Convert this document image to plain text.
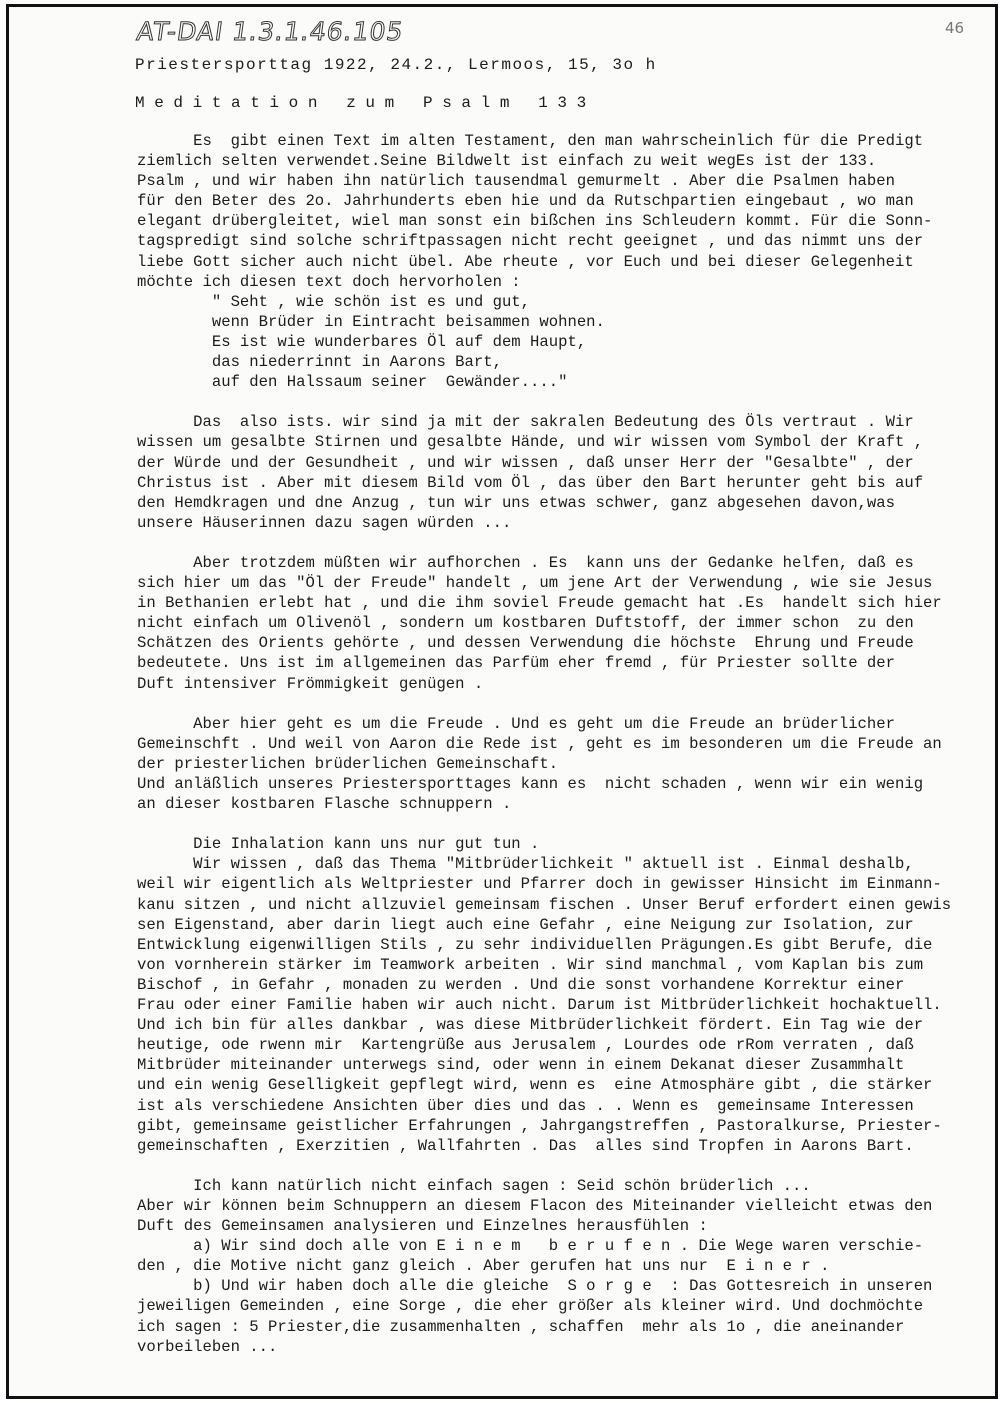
AT-DAI 1.3.1.46.105	46

Priestersporttag 1922, 24.2., Lermoos, 15, 3o h

Meditation zum Psalm 133

Es  gibt einen Text im alten Testament, den man wahrscheinlich für die Predigt
ziemlich selten verwendet.Seine Bildwelt ist einfach zu weit wegEs ist der 133.
Psalm , und wir haben ihn natürlich tausendmal gemurmelt . Aber die Psalmen haben
für den Beter des 2o. Jahrhunderts eben hie und da Rutschpartien eingebaut , wo man
elegant drübergleitet, wiel man sonst ein bißchen ins Schleudern kommt. Für die Sonn-
tagspredigt sind solche schriftpassagen nicht recht geeignet , und das nimmt uns der
liebe Gott sicher auch nicht übel. Abe rheute , vor Euch und bei dieser Gelegenheit
möchte ich diesen text doch hervorholen :
" Seht , wie schön ist es und gut,
wenn Brüder in Eintracht beisammen wohnen.
Es ist wie wunderbares Öl auf dem Haupt,
das niederrinnt in Aarons Bart,
auf den Halssaum seiner  Gewänder...."
Das  also ists. wir sind ja mit der sakralen Bedeutung des Öls vertraut . Wir
wissen um gesalbte Stirnen und gesalbte Hände, und wir wissen vom Symbol der Kraft ,
der Würde und der Gesundheit , und wir wissen , daß unser Herr der "Gesalbte" , der
Christus ist . Aber mit diesem Bild vom Öl , das über den Bart herunter geht bis auf
den Hemdkragen und dne Anzug , tun wir uns etwas schwer, ganz abgesehen davon,was
unsere Häuserinnen dazu sagen würden ...
Aber trotzdem müßten wir aufhorchen . Es  kann uns der Gedanke helfen, daß es
sich hier um das "Öl der Freude" handelt , um jene Art der Verwendung , wie sie Jesus
in Bethanien erlebt hat , und die ihm soviel Freude gemacht hat .Es  handelt sich hier
nicht einfach um Olivenöl , sondern um kostbaren Duftstoff, der immer schon  zu den
Schätzen des Orients gehörte , und dessen Verwendung die höchste  Ehrung und Freude
bedeutete. Uns ist im allgemeinen das Parfüm eher fremd , für Priester sollte der
Duft intensiver Frömmigkeit genügen .
Aber hier geht es um die Freude . Und es geht um die Freude an brüderlicher
Gemeinschft . Und weil von Aaron die Rede ist , geht es im besonderen um die Freude an
der priesterlichen brüderlichen Gemeinschaft.
Und anläßlich unseres Priestersporttages kann es  nicht schaden , wenn wir ein wenig
an dieser kostbaren Flasche schnuppern .
Die Inhalation kann uns nur gut tun .
Wir wissen , daß das Thema "Mitbrüderlichkeit " aktuell ist . Einmal deshalb,
weil wir eigentlich als Weltpriester und Pfarrer doch in gewisser Hinsicht im Einmann-
kanu sitzen , und nicht allzuviel gemeinsam fischen . Unser Beruf erfordert einen gewis
sen Eigenstand, aber darin liegt auch eine Gefahr , eine Neigung zur Isolation, zur
Entwicklung eigenwilligen Stils , zu sehr individuellen Prägungen.Es gibt Berufe, die
von vornherein stärker im Teamwork arbeiten . Wir sind manchmal , vom Kaplan bis zum
Bischof , in Gefahr , monaden zu werden . Und die sonst vorhandene Korrektur einer
Frau oder einer Familie haben wir auch nicht. Darum ist Mitbrüderlichkeit hochaktuell.
Und ich bin für alles dankbar , was diese Mitbrüderlichkeit fördert. Ein Tag wie der
heutige, ode rwenn mir  Kartengrüße aus Jerusalem , Lourdes ode rRom verraten , daß
Mitbrüder miteinander unterwegs sind, oder wenn in einem Dekanat dieser Zusammhalt
und ein wenig Geselligkeit gepflegt wird, wenn es  eine Atmosphäre gibt , die stärker
ist als verschiedene Ansichten über dies und das . . Wenn es  gemeinsame Interessen
gibt, gemeinsame geistlicher Erfahrungen , Jahrgangstreffen , Pastoralkurse, Priester-
gemeinschaften , Exerzitien , Wallfahrten . Das  alles sind Tropfen in Aarons Bart.
Ich kann natürlich nicht einfach sagen : Seid schön brüderlich ...
Aber wir können beim Schnuppern an diesem Flacon des Miteinander vielleicht etwas den
Duft des Gemeinsamen analysieren und Einzelnes herausfühlen :
a) Wir sind doch alle von E i n e m   b e r u f e n . Die Wege waren verschie-
den , die Motive nicht ganz gleich . Aber gerufen hat uns nur  E i n e r .
b) Und wir haben doch alle die gleiche  S o r g e  : Das Gottesreich in unseren
jeweiligen Gemeinden , eine Sorge , die eher größer als kleiner wird. Und dochmöchte
ich sagen : 5 Priester,die zusammenhalten , schaffen  mehr als 1o , die aneinander
vorbeileben ...
